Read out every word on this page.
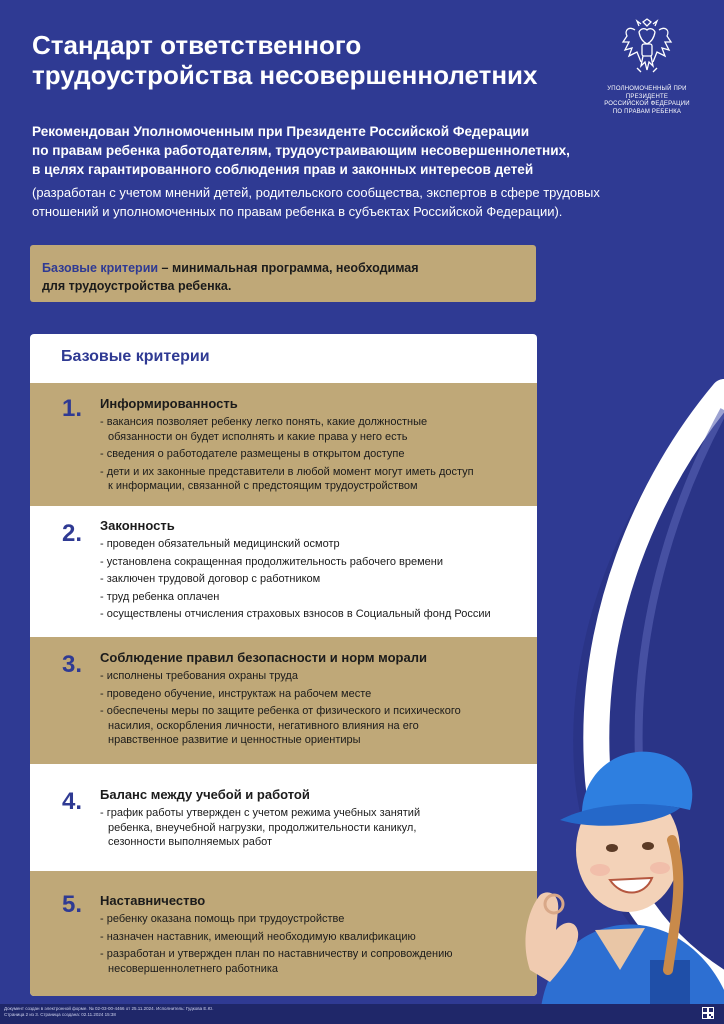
Стандарт ответственного
трудоустройства несовершеннолетних	УПОЛНОМОЧЕННЫЙ ПРИ ПРЕЗИДЕНТЕ
РОССИЙСКОЙ ФЕДЕРАЦИИ
ПО ПРАВАМ РЕБЕНКА
Рекомендован Уполномоченным при Президенте Российской Федерации
по правам ребенка работодателям, трудоустраивающим несовершеннолетних,
в целях гарантированного соблюдения прав и законных интересов детей
(разработан с учетом мнений детей, родительского сообщества, экспертов в сфере трудовых
отношений и уполномоченных по правам ребенка в субъектах Российской Федерации).
Базовые критерии – минимальная программа, необходимая
для трудоустройства ребенка.
Базовые критерии
1. Информированность

- вакансия позволяет ребенку легко понять, какие должностные
обязанности он будет исполнять и какие права у него есть

- сведения о работодателе размещены в открытом доступе

- дети и их законные представители в любой момент могут иметь доступ
к информации, связанной с предстоящим трудоустройством

2. Законность

- проведен обязательный медицинский осмотр

- установлена сокращенная продолжительность рабочего времени

- заключен трудовой договор с работником

- труд ребенка оплачен

- осуществлены отчисления страховых взносов в Социальный фонд России

3. Соблюдение правил безопасности и норм морали

- исполнены требования охраны труда

- проведено обучение, инструктаж на рабочем месте

- обеспечены меры по защите ребенка от физического и психического
насилия, оскорбления личности, негативного влияния на его
нравственное развитие и ценностные ориентиры

4. Баланс между учебой и работой

- график работы утвержден с учетом режима учебных занятий
ребенка, внеучебной нагрузки, продолжительности каникул,
сезонности выполняемых работ

5. Наставничество

- ребенку оказана помощь при трудоустройстве

- назначен наставник, имеющий необходимую квалификацию

- разработан и утвержден план по наставничеству и сопровождению
несовершеннолетнего работника

Документ создан в электронной форме. № 02-03-00-4466 от 25.11.2024. Исполнитель: Гудкова Е.Ю.
Страница 2 из 3. Страница создана: 02.11.2024 15:38
